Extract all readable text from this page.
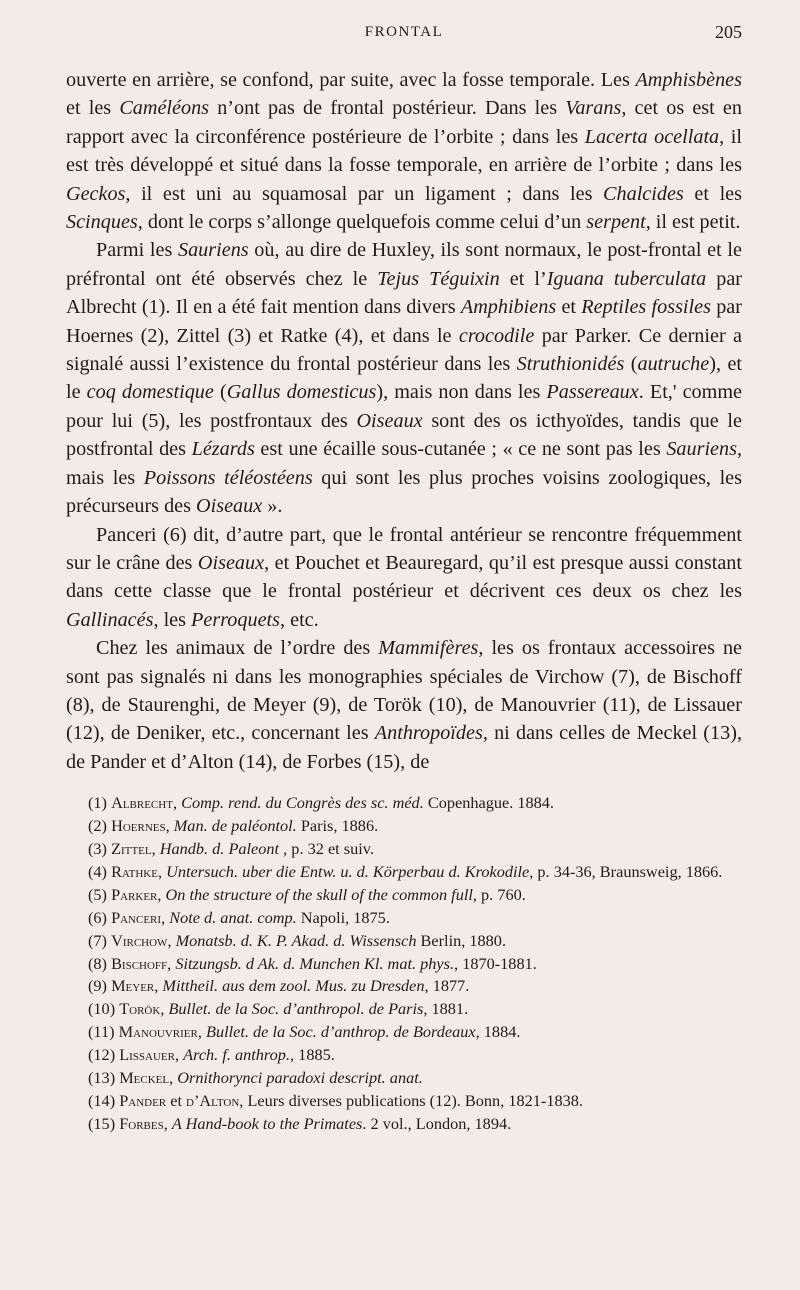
FRONTAL	205

ouverte en arrière, se confond, par suite, avec la fosse temporale. Les Amphisbènes et les Caméléons n’ont pas de frontal postérieur. Dans les Varans, cet os est en rapport avec la circonférence postérieure de l’orbite ; dans les Lacerta ocellata, il est très développé et situé dans la fosse temporale, en arrière de l’orbite ; dans les Geckos, il est uni au squamosal par un ligament ; dans les Chalcides et les Scinques, dont le corps s’allonge quelquefois comme celui d’un serpent, il est petit.

Parmi les Sauriens où, au dire de Huxley, ils sont normaux, le post-frontal et le préfrontal ont été observés chez le Tejus Téguixin et l’Iguana tuberculata par Albrecht (1). Il en a été fait mention dans divers Amphibiens et Reptiles fossiles par Hoernes (2), Zittel (3) et Ratke (4), et dans le crocodile par Parker. Ce dernier a signalé aussi l’existence du frontal postérieur dans les Struthionidés (autruche), et le coq domestique (Gallus domesticus), mais non dans les Passereaux. Et,' comme pour lui (5), les postfrontaux des Oiseaux sont des os icthyoïdes, tandis que le postfrontal des Lézards est une écaille sous-cutanée ; « ce ne sont pas les Sauriens, mais les Poissons téléostéens qui sont les plus proches voisins zoologiques, les précurseurs des Oiseaux ».

Panceri (6) dit, d’autre part, que le frontal antérieur se rencontre fréquemment sur le crâne des Oiseaux, et Pouchet et Beauregard, qu’il est presque aussi constant dans cette classe que le frontal postérieur et décrivent ces deux os chez les Gallinacés, les Perroquets, etc.

Chez les animaux de l’ordre des Mammifères, les os frontaux accessoires ne sont pas signalés ni dans les monographies spéciales de Virchow (7), de Bischoff (8), de Staurenghi, de Meyer (9), de Torök (10), de Manouvrier (11), de Lissauer (12), de Deniker, etc., concernant les Anthropoïdes, ni dans celles de Meckel (13), de Pander et d’Alton (14), de Forbes (15), de

(1) Albrecht, Comp. rend. du Congrès des sc. méd. Copenhague. 1884.

(2) Hoernes, Man. de paléontol. Paris, 1886.

(3) Zittel, Handb. d. Paleont , p. 32 et suiv.

(4) Rathke, Untersuch. uber die Entw. u. d. Körperbau d. Krokodile, p. 34-36, Braunsweig, 1866.

(5) Parker, On the structure of the skull of the common full, p. 760.

(6) Panceri, Note d. anat. comp. Napoli, 1875.

(7) Virchow, Monatsb. d. K. P. Akad. d. Wissensch Berlin, 1880.

(8) Bischoff, Sitzungsb. d Ak. d. Munchen Kl. mat. phys., 1870-1881.

(9) Meyer, Mittheil. aus dem zool. Mus. zu Dresden, 1877.

(10) Torök, Bullet. de la Soc. d’anthropol. de Paris, 1881.

(11) Manouvrier, Bullet. de la Soc. d’anthrop. de Bordeaux, 1884.

(12) Lissauer, Arch. f. anthrop., 1885.

(13) Meckel, Ornithorynci paradoxi descript. anat.

(14) Pander et d’Alton, Leurs diverses publications (12). Bonn, 1821-1838.

(15) Forbes, A Hand-book to the Primates. 2 vol., London, 1894.
